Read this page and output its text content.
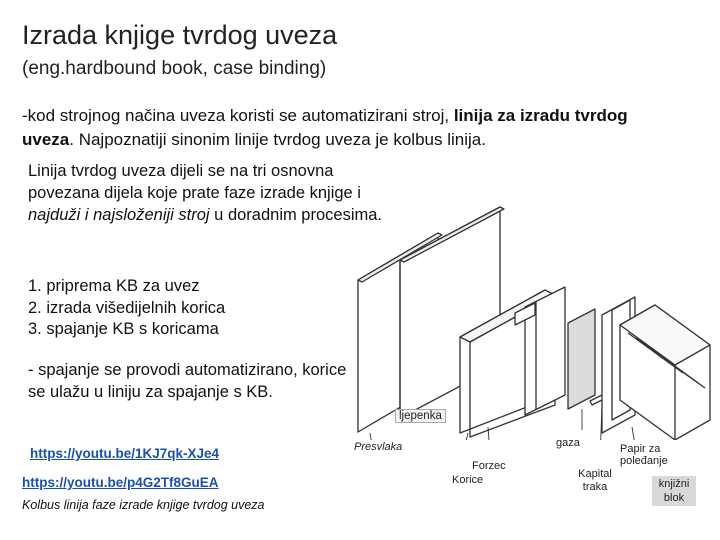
Izrada knjige tvrdog uveza
(eng.hardbound book, case binding)
-kod strojnog načina uveza koristi se automatizirani stroj, linija za izradu tvrdog uveza. Najpoznatiji sinonim linije tvrdog uveza je kolbus linija.
Linija tvrdog uveza dijeli se na tri osnovna povezana dijela koje prate faze izrade knjige i najduži i najsloženiji stroj u doradnim procesima.
1. priprema KB za uvez
2. izrada višedijelnih korica
3. spajanje KB s koricama
- spajanje se provodi automatizirano, korice se ulažu u liniju za spajanje s KB.
https://youtu.be/1KJ7qk-XJe4
https://youtu.be/p4G2Tf8GuEA
Kolbus linija faze izrade knjige tvrdog uveza
ljepenka
Presvlaka	gaza
Forzec
Papir za poleđanje
Korice	Kapital traka	knjižni blok
